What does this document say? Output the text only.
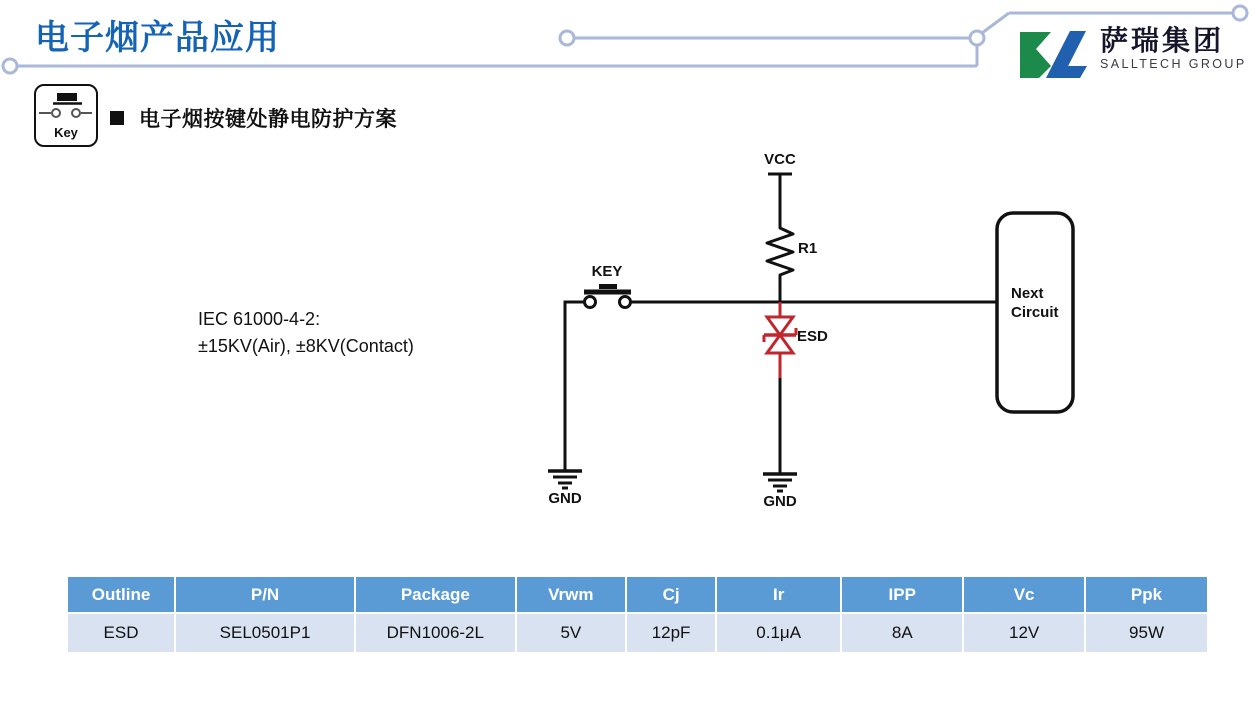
电子烟产品应用	萨瑞集团
SALLTECH GROUP
Key
电子烟按键处静电防护方案
IEC 61000-4-2:
±15KV(Air), ±8KV(Contact)
VCC
R1
KEY
ESD
GND	GND
Next
Circuit
Outline	P/N	Package	Vrwm	Cj	Ir	IPP	Vc	Ppk
ESD	SEL0501P1	DFN1006-2L	5V	12pF	0.1μA	8A	12V	95W
